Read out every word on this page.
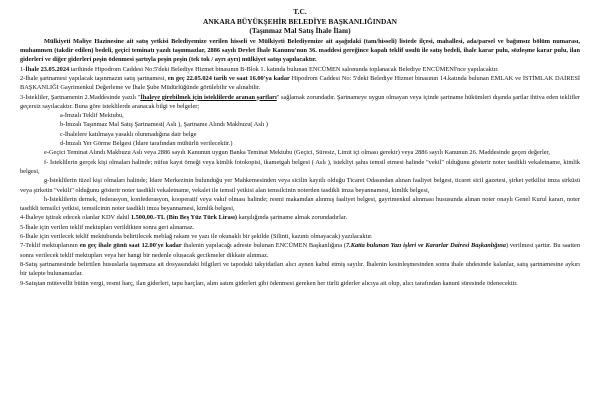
T.C.
ANKARA BÜYÜKŞEHİR BELEDİYE BAŞKANLIĞINDAN
(Taşınmaz Mal Satış İhale İlanı)

Mülkiyeti Maliye Hazinesine ait satış yetkisi Belediyemize verilen hisseli ve Mülkiyeti Belediyemize ait aşağıdaki (tam/hisseli) listede ilçesi, mahallesi, ada/parsel ve bağımsız bölüm numarası, muhammen (takdir edilen) bedeli, geçici teminatı yazılı taşınmazlar, 2886 sayılı Devlet İhale Kanunu'nun 36. maddesi gereğince kapalı teklif usulü ile satış bedeli, ihale karar pulu, sözleşme karar pulu, ilan giderleri ve diğer giderleri peşin ödenmesi şartıyla peşin peşin (tek tok / ayrı ayrı) mülkiyet satışı yapılacaktır.

1-İhale 23.05.2024 tarihinde Hipodrom Caddesi No:5'deki Belediye Hizmet binasının B-Blok 1. katında bulunan ENCÜMEN salonunda toplanacak Belediye ENCÜMENİ'nce yapılacaktır.

2-İhale şartnamesi yapılacak taşınmazın satış şartnamesi, en geç 22.05.024 tarih ve saat 16.00'ya kadar Hipodrom Caddesi No: 5'deki Belediye Hizmet binasının 14.katında bulunan EMLAK ve İSTİMLAK DAİRESİ BAŞKANLIĞI Gayrimenkul Değerleme ve İhale Şube Müdürlüğünde görülebilir ve alınabilir.

3-İstekliler, Şartnamenin 2.Maddesinde yazılı "İhaleye girebilmek için isteklilerde aranan şartları" sağlamak zorundadır. Şartnameye uygun olmayan veya içinde şartname hükümleri dışında şartlar ihtiva eden teklifler geçersiz sayılacaktır. Buna göre isteklilerde aranacak bilgi ve belgeler;

a-İmzalı Teklif Mektubu,
b-İmzalı Taşınmaz Mal Satış Şartnamesi( Aslı ), Şartname Alındı Makbuzu( Aslı )
c-İhalelere katılmaya yasaklı olunmadığına dair belge
d-İmzalı Yer Görme Belgesi (İdare tarafından mühürlü verilecektir.)

e-Geçici Teminat Alındı Makbuzu Aslı veya 2886 sayılı Kanunun uygun Banka Teminat Mektubu (Geçici, Süresiz, Limit içi olması gerekir) veya 2886 sayılı Kanunun 26. Maddesinde geçen değerler,

f- İsteklilerin gerçek kişi olmaları halinde; nüfus kayıt örneği veya kimlik fotokopisi, ikametgah belgesi ( Aslı ), istekliyi şahıs temsil etmesi halinde "vekil" olduğunu gösterir noter tasdikli vekaletname, kimlik belgesi,

g-İsteklilerin tüzel kişi olmaları halinde; İdare Merkezinin bulunduğu yer Mahkemesinden veya sicilin kayıtlı olduğu Ticaret Odasından alınan faaliyet belgesi, ticaret sicil gazetesi, şirket yetkilisi imza sirküsü veya şirketin "vekili" olduğunu gösterir noter tasdikli vekaletname, vekalet ile temsil yetkisi alan temsilcinin noterden tasdikli imza beyannamesi, kimlik belgesi,

h-İsteklilerin dernek, federasyon, konfederasyon, kooperatif veya vakıf olması halinde; resmi makamdan alınmış faaliyet belgesi, gayrimenkul alınması hususunda alınan noter onaylı Genel Kurul kararı, noter tasdikli temsilci yetkisi, temsilcinin noter tasdikli imza beyannamesi, kimlik belgesi,

4-İhaleye iştirak edecek olanlar KDV dahil 1.500,00.-TL (Bin Beş Yüz Türk Lirası) karşılığında şartname almak zorundadırlar.

5-İhale için verilen teklif mektupları verildikten sonra geri alınamaz.

6-İhale için verilecek teklif mektubunda belirtilecek meblağ rakam ve yazı ile okunaklı bir şekilde (Silinti, kazıntı olmayacak) yazılacaktır.

7-Teklif mektuplarının en geç ihale günü saat 12.00'ye kadar ihalenin yapılacağı adreste bulunan ENCÜMEN Başkanlığına (7.Katta bulunan Yazı işleri ve Kararlar Dairesi Başkanlığına) verilmesi şarttır. Bu saatten sonra verilecek teklif mektupları veya her hangi bir nedenle olușacak gecikmeler dikkate alınmaz.

8-Satış şartnamesinde belirtilen hususlarla taşınmaza ait dosyasındaki bilgileri ve tapodaki takyidatları alıcı aynen kabul etmiş sayılır. İhalenin kesinleşmesinden sonra ihale uhdesinde kalanlar, satış şartnamesine aykırı bir talepte bulunamazlar.

9-Satıştan mütevellit bütün vergi, resmi harç, ilan giderleri, tapu harçları, alım satım giderleri gibi ödenmesi gereken her türlü giderler alıcıya ait olup, alıcı tarafından kanuni süresinde ödenecektir.
